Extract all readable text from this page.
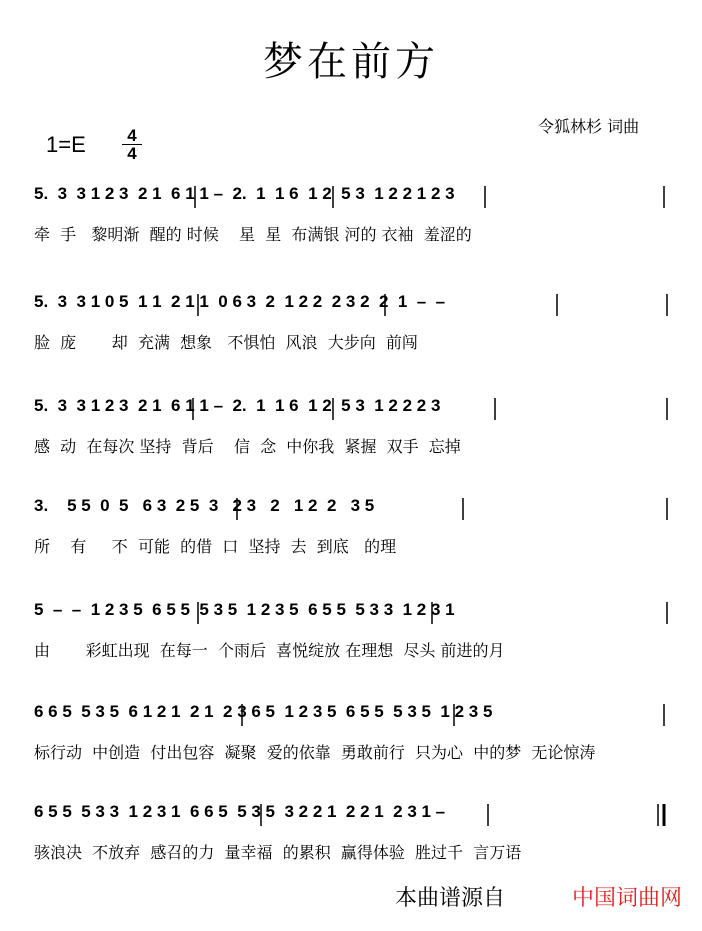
梦在前方
令狐林杉 词曲
1=E	4
4
5.  3  3 1 2 3  2 1  6 1 1 –  2.  1  1 6  1 2  5 3  1 2 2 1 2 3
牵  手   黎明渐  醒的 时候    星  星  布满银 河的 衣袖  羞涩的
5.  3  3 1 0 5  1 1  2 1 1  0 6 3  2  1 2 2  2 3 2  2  1  –  –
脸  庞       却  充满  想象   不惧怕  风浪  大步向  前闯
5.  3  3 1 2 3  2 1  6 1 1 –  2.  1  1 6  1 2  5 3  1 2 2 2 3
感  动  在每次 坚持  背后    信  念  中你我  紧握  双手  忘掉
3.    5 5  0  5   6 3  2 5  3   2 3   2   1 2  2   3 5
所    有     不  可能  的借  口  坚持  去  到底   的理
5  –  –  1 2 3 5  6 5 5  5 3 5  1 2 3 5  6 5 5  5 3 3  1 2 3 1
由       彩虹出现  在每一  个雨后  喜悦绽放 在理想  尽头 前进的月
6 6 5  5 3 5  6 1 2 1  2 1  2 3 6 5  1 2 3 5  6 5 5  5 3 5  1 2 3 5
标行动  中创造  付出包容  凝聚  爱的依靠  勇敢前行  只为心  中的梦  无论惊涛
6 5 5  5 3 3  1 2 3 1  6 6 5  5 3 5  3 2 2 1  2 2 1  2 3 1 –
骇浪决  不放弃  感召的力  量幸福  的累积  赢得体验  胜过千  言万语
本曲谱源自	中国词曲网
